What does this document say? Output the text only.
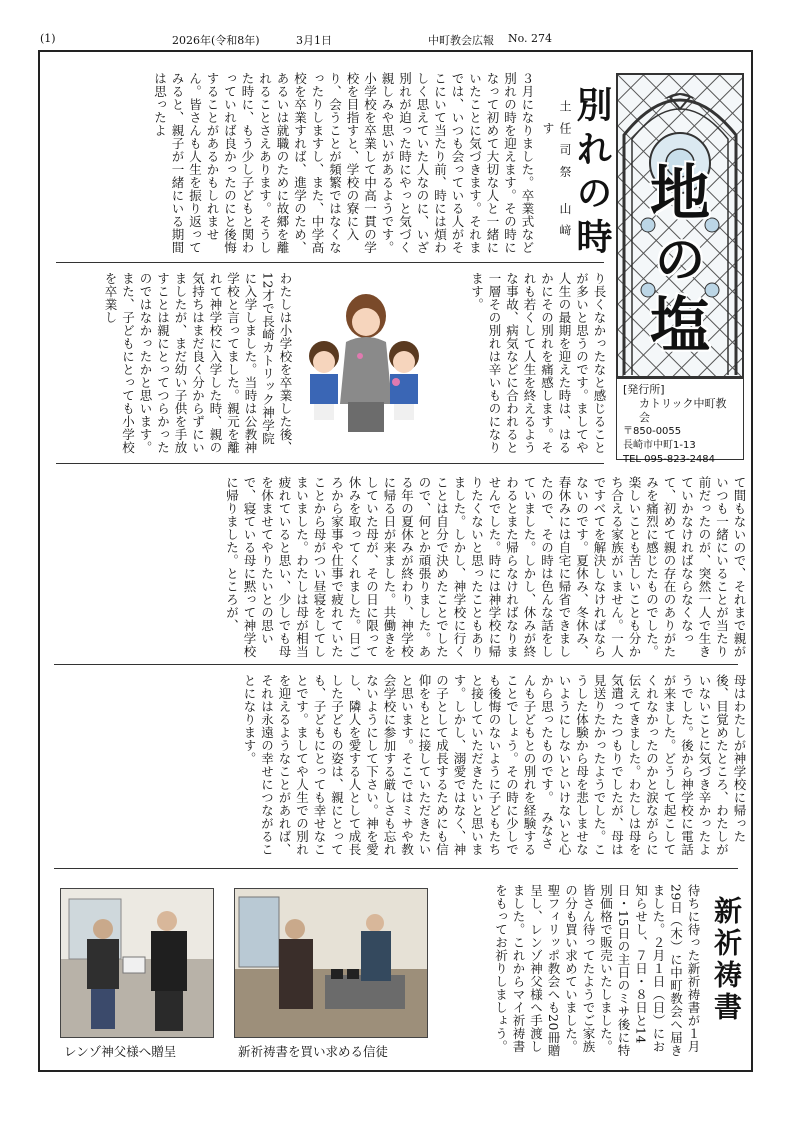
(1)	2026年(令和8年)	3月1日	中町教会広報 No. 274
地
の
塩
[発行所]
カトリック中町教会
〒850-0055
長崎市中町1-13
TEL 095-823-2484
別れの時
土 任 司 祭　 山 﨑 　 す
３月になりました。卒業式など別れの時を迎えます。その時になって初めて大切な人と一緒にいたことに気づきます。それまでは、いつも会っている人がそこにいて当たり前、時には煩わしく思えていた人なのに、いざ別れが迫った時にやっと気づく親しみや思いがあるようです。小学校を卒業して中高一貫の学校を目指すと、学校の寮に入り、会うことが頻繁ではなくなったりしますし、また、中学高校を卒業すれば、進学のため、あるいは就職のために故郷を離れることさえあります。そうした時に、もう少し子どもと関わっていれば良かったのにと後悔することがあるかもしれません。皆さんも人生を振り返ってみると、親子が一緒にいる期間は思ったよ
り長くなかったなと感じることが多いと思うのです。ましてや人生の最期を迎えた時は、はるかにその別れを痛感します。それも若くして人生を終えるような事故、病気などに合われると一層その別れは辛いものになります。
わたしは小学校を卒業した後、12才で長崎カトリック神学院に入学しました。当時は公教神学校と言ってました。親元を離れて神学校に入学した時、親の気持ちはまだ良く分からずにいましたが、まだ幼い子供を手放すことは親にとってつらかったのではなかったかと思います。また、子どもにとっても小学校を卒業し
て間もないので、それまで親がいつも一緒にいることが当たり前だったのが、突然一人で生きていかなければならなくなって、初めて親の存在のありがたみを痛烈に感じたものでした。楽しいことも苦しいことも分かち合える家族がいません。一人ですべてを解決しなければならないのです。夏休み、冬休み、春休みには自宅に帰省できましたので、その時は色んな話をしていました。しかし、休みが終わるとまた帰らなければなりませんでした。時には神学校に帰りたくないと思ったこともありました。しかし、神学校に行くことは自分で決めたことでしたので、何とか頑張りました。ある年の夏休みが終わり、神学校に帰る日が来ました。共働きをしていた母が、その日に限って休みを取ってくれました。日ごろから家事や仕事で疲れていたことから母がつい昼寝をしてしまいました。わたしは母が相当疲れていると思い、少しでも母を休ませてやりたいとの思いで、寝ている母に黙って神学校に帰りました。ところが、
母はわたしが神学校に帰った後、目覚めたところ、わたしがいないことに気づき辛かったようでした。後から神学校に電話が来ました。どうして起こしてくれなかったのかと涙ながらに伝えてきました。わたしは母を気遣ったつもりでしたが、母は見送りたかったようでした。こうした体験から母を悲しませないようにしないといけないと心から思ったものです。　みなさんも子どもとの別れを経験することでしょう。その時に少しでも後悔のないように子どもたちと接していただきたいと思います。しかし、溺愛ではなく、神の子として成長するためにも信仰をもとに接していただきたいと思います。そこではミサや教会学校に参加する厳しさも忘れないようにして下さい。神を愛し、隣人を愛する人として成長した子どもの姿は、親にとっても、子どもにとっても幸せなことです。ましてや人生での別れを迎えるようなことがあれば、それは永遠の幸せにつながることになります。
新祈祷書
待ちに待った新祈祷書が１月29日（木）に中町教会へ届きました。２月１日（日）にお知らせし、７日・８日と14日・15日の主日のミサ後に特別価格で販売いたしました。皆さん待ってたようでご家族の分も買い求めていました。聖フィリッポ教会へも20冊贈呈し、レンゾ神父様へ手渡しました。これからマイ祈祷書をもってお祈りしましょう。
レンゾ神父様へ贈呈	新祈祷書を買い求める信徒
